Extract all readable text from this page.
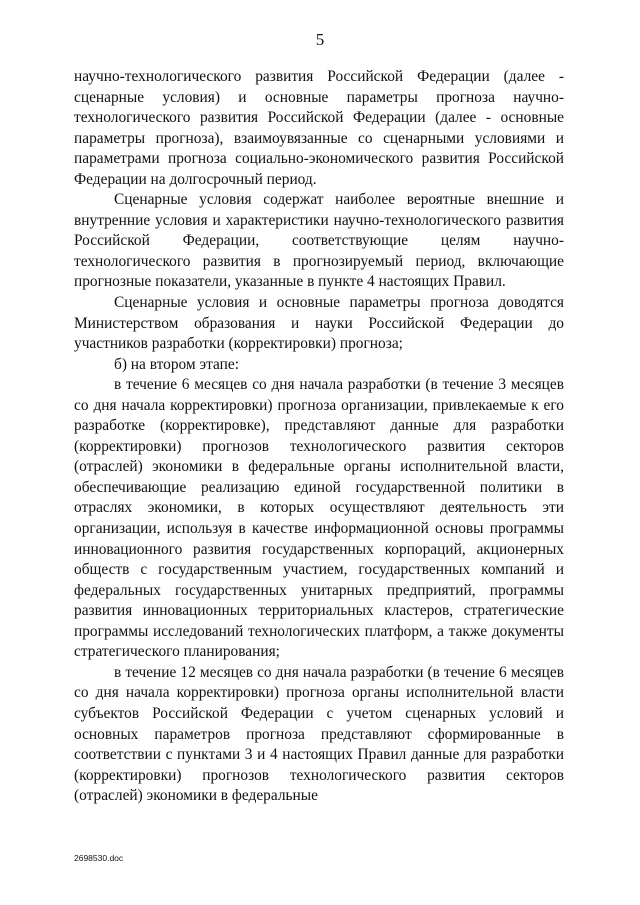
5

научно-технологического развития Российской Федерации (далее - сценарные условия) и основные параметры прогноза научно-технологического развития Российской Федерации (далее - основные параметры прогноза), взаимоувязанные со сценарными условиями и параметрами прогноза социально-экономического развития Российской Федерации на долгосрочный период.

Сценарные условия содержат наиболее вероятные внешние и внутренние условия и характеристики научно-технологического развития Российской Федерации, соответствующие целям научно-технологического развития в прогнозируемый период, включающие прогнозные показатели, указанные в пункте 4 настоящих Правил.

Сценарные условия и основные параметры прогноза доводятся Министерством образования и науки Российской Федерации до участников разработки (корректировки) прогноза;

б) на втором этапе:

в течение 6 месяцев со дня начала разработки (в течение 3 месяцев со дня начала корректировки) прогноза организации, привлекаемые к его разработке (корректировке), представляют данные для разработки (корректировки) прогнозов технологического развития секторов (отраслей) экономики в федеральные органы исполнительной власти, обеспечивающие реализацию единой государственной политики в отраслях экономики, в которых осуществляют деятельность эти организации, используя в качестве информационной основы программы инновационного развития государственных корпораций, акционерных обществ с государственным участием, государственных компаний и федеральных государственных унитарных предприятий, программы развития инновационных территориальных кластеров, стратегические программы исследований технологических платформ, а также документы стратегического планирования;

в течение 12 месяцев со дня начала разработки (в течение 6 месяцев со дня начала корректировки) прогноза органы исполнительной власти субъектов Российской Федерации с учетом сценарных условий и основных параметров прогноза представляют сформированные в соответствии с пунктами 3 и 4 настоящих Правил данные для разработки (корректировки) прогнозов технологического развития секторов (отраслей) экономики в федеральные

2698530.doc
